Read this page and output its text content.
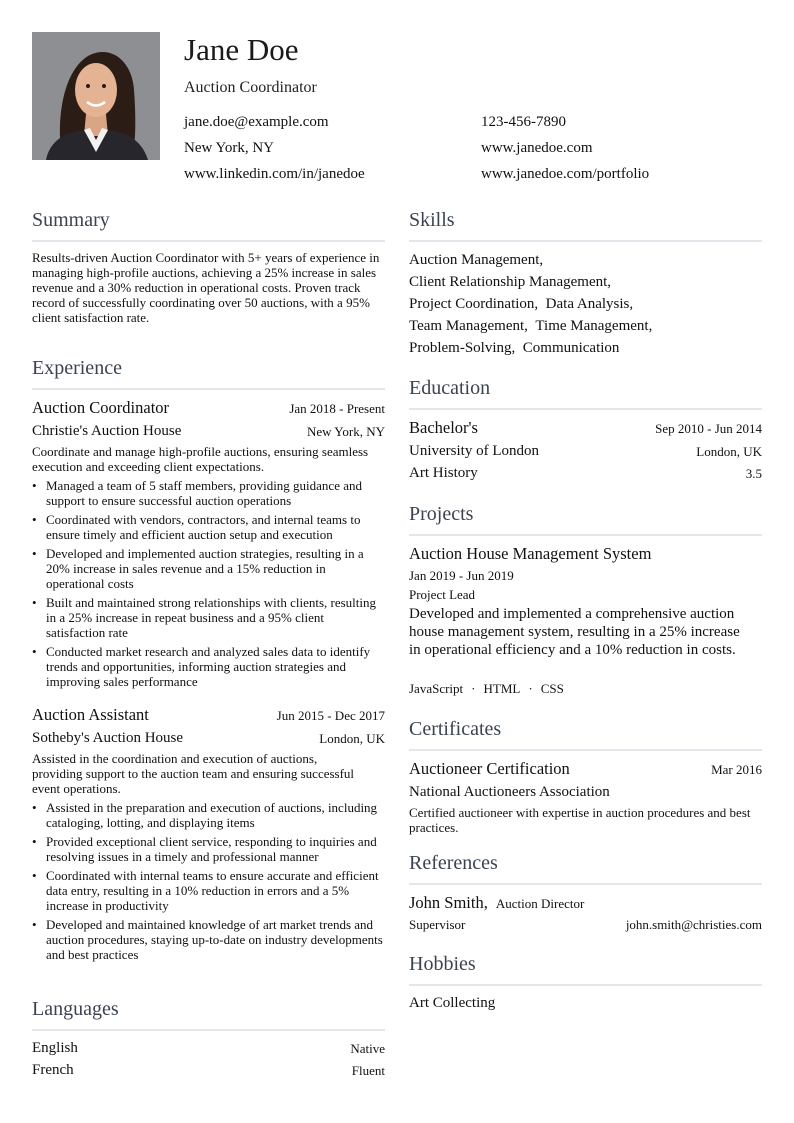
Jane Doe
Auction Coordinator
jane.doe@example.com	123-456-7890
New York, NY	www.janedoe.com
www.linkedin.com/in/janedoe	www.janedoe.com/portfolio
Summary
Results-driven Auction Coordinator with 5+ years of experience in managing high-profile auctions, achieving a 25% increase in sales revenue and a 30% reduction in operational costs. Proven track record of successfully coordinating over 50 auctions, with a 95% client satisfaction rate.
Experience
Auction Coordinator	Jan 2018 - Present
Christie's Auction House	New York, NY
Coordinate and manage high-profile auctions, ensuring seamless execution and exceeding client expectations.
• Managed a team of 5 staff members, providing guidance and support to ensure successful auction operations
• Coordinated with vendors, contractors, and internal teams to ensure timely and efficient auction setup and execution
• Developed and implemented auction strategies, resulting in a 20% increase in sales revenue and a 15% reduction in operational costs
• Built and maintained strong relationships with clients, resulting in a 25% increase in repeat business and a 95% client satisfaction rate
• Conducted market research and analyzed sales data to identify trends and opportunities, informing auction strategies and improving sales performance
Auction Assistant	Jun 2015 - Dec 2017
Sotheby's Auction House	London, UK
Assisted in the coordination and execution of auctions, providing support to the auction team and ensuring successful event operations.
• Assisted in the preparation and execution of auctions, including cataloging, lotting, and displaying items
• Provided exceptional client service, responding to inquiries and resolving issues in a timely and professional manner
• Coordinated with internal teams to ensure accurate and efficient data entry, resulting in a 10% reduction in errors and a 5% increase in productivity
• Developed and maintained knowledge of art market trends and auction procedures, staying up-to-date on industry developments and best practices
Languages
English	Native
French	Fluent
Skills
Auction Management,
Client Relationship Management,
Project Coordination, Data Analysis,
Team Management, Time Management,
Problem-Solving, Communication
Education
Bachelor's	Sep 2010 - Jun 2014
University of London	London, UK
Art History	3.5
Projects
Auction House Management System
Jan 2019 - Jun 2019
Project Lead
Developed and implemented a comprehensive auction house management system, resulting in a 25% increase in operational efficiency and a 10% reduction in costs.
JavaScript · HTML · CSS
Certificates
Auctioneer Certification	Mar 2016
National Auctioneers Association
Certified auctioneer with expertise in auction procedures and best practices.
References
John Smith, Auction Director
Supervisor	john.smith@christies.com
Hobbies
Art Collecting
